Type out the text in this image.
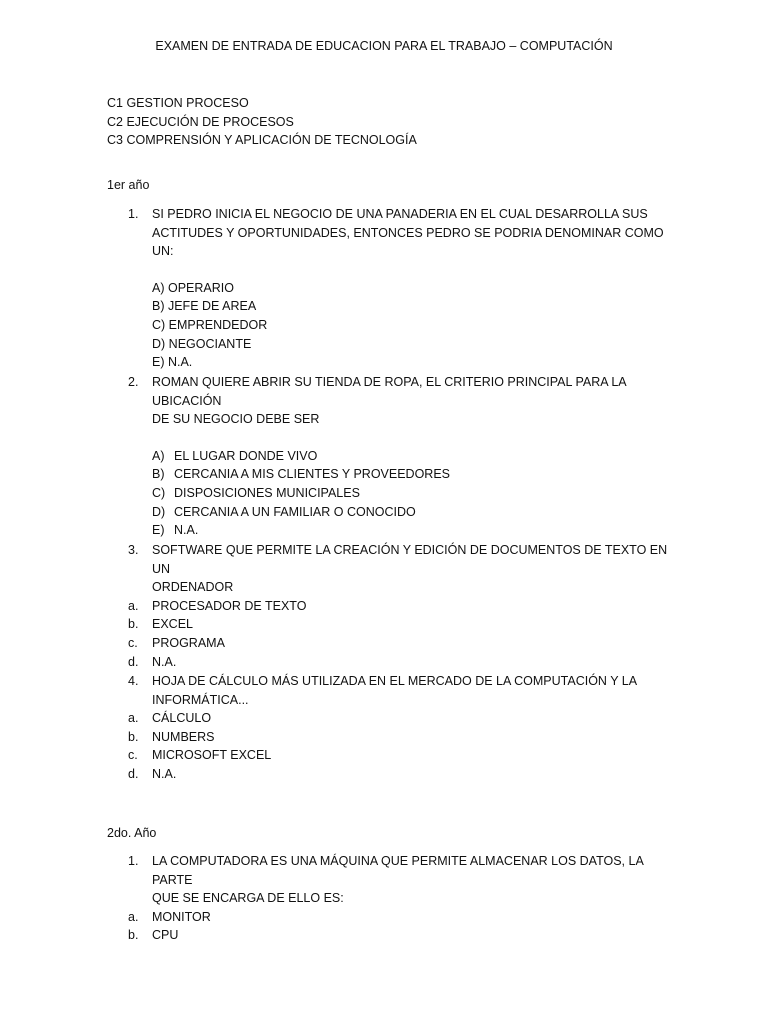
EXAMEN DE ENTRADA DE EDUCACION PARA EL TRABAJO – COMPUTACIÓN
C1 GESTION PROCESO
C2 EJECUCIÓN DE PROCESOS
C3 COMPRENSIÓN Y APLICACIÓN DE TECNOLOGÍA
1er año
1. SI PEDRO INICIA EL NEGOCIO DE UNA PANADERIA EN EL CUAL DESARROLLA SUS
ACTITUDES Y OPORTUNIDADES, ENTONCES PEDRO SE PODRIA DENOMINAR COMO UN:
A) OPERARIO
B) JEFE DE AREA
C) EMPRENDEDOR
D) NEGOCIANTE
E) N.A.
2. ROMAN QUIERE ABRIR SU TIENDA DE ROPA, EL CRITERIO PRINCIPAL PARA LA UBICACIÓN
DE SU NEGOCIO DEBE SER
A) EL LUGAR DONDE VIVO
B) CERCANIA A MIS CLIENTES Y PROVEEDORES
C) DISPOSICIONES MUNICIPALES
D) CERCANIA A UN FAMILIAR O CONOCIDO
E) N.A.
3. SOFTWARE QUE PERMITE LA CREACIÓN Y EDICIÓN DE DOCUMENTOS DE TEXTO EN UN
ORDENADOR
a. PROCESADOR DE TEXTO
b. EXCEL
c. PROGRAMA
d. N.A.
4. HOJA DE CÁLCULO MÁS UTILIZADA EN EL MERCADO DE LA COMPUTACIÓN Y LA
INFORMÁTICA...
a. CÁLCULO
b. NUMBERS
c. MICROSOFT EXCEL
d. N.A.
2do. Año
1. LA COMPUTADORA ES UNA MÁQUINA QUE PERMITE ALMACENAR LOS DATOS, LA PARTE
QUE SE ENCARGA DE ELLO ES:
a. MONITOR
b. CPU
